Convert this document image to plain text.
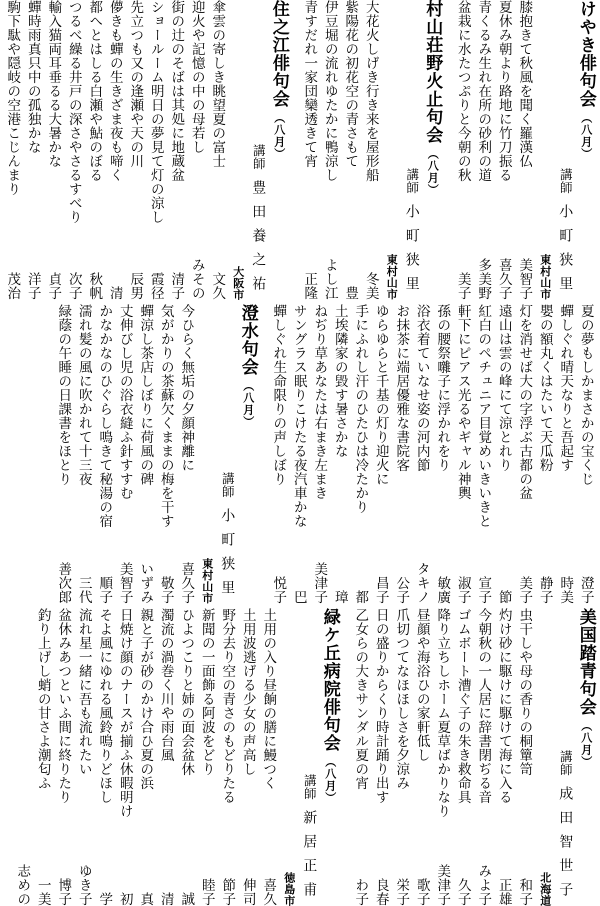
けやき俳句会
（八月）
講師
小町狭里
東村山市
膝抱きて秋風を聞く羅漢仏
美智子
夏休み朝より路地に竹刀振る
喜久子
青くるみ生れ在所の砂利の道
多美野
盆栽に水たつぷりと今朝の秋
美子
村山荘野火止句会
（八月）
講師
小町狭里
東村山市
大花火しげき行き来を屋形船
冬美
紫陽花の初花空の青さもて
豊
伊豆堀の流れゆたかに鴨涼し
よし江
青すだれ一家団欒透きて宵
正隆
住之江俳句会
（八月）
講師
豊田養之祐
大阪市
傘雲の寄しき眺望夏の富士
文久
迎火や記憶の中の母若し
みその
街の辻のそばは其処に地蔵盆
清子
ショールーム明日の夢見て灯の涼し
霞径
先立つも又の逢瀬や天の川
辰男
儚きも蟬の生きざま夜も啼く
清
都へとはしる白瀬や鮎のぼる
秋帆
つるべ繰る井戸の深さやさるすべり
次子
輸入猫両耳垂るる大暑かな
貞子
蟬時雨真只中の孤独かな
洋子
駒下駄や隠岐の空港こじんまり
茂治
夏の夢もしかまさかの宝くじ
澄子
蟬しぐれ晴天なりと吾起す
時美
嬰の額丸くはたいて天瓜粉
静子
灯を消せば大の字浮ぶ古都の盆
美子
遠山は雲の峰にて涼とれり
節
紅白のペチュニア目覚めいきいきと
宣子
軒下にピアス光るやギャル神輿
淑子
孫の腰祭囃子に浮かれをり
敏廣
浴衣着ていなせ姿の河内節
タキノ
お抹茶に端居優雅な書院客
公子
ゆらゆらと千基の灯り迎火に
昌子
手にふれし汗のひたひは冷たかり
都
土埃隣家の毀す暑さかな
璋
ねぢり草あなたは右まき左まき
美津子
サングラス眠りこけたる夜汽車かな
巴
蟬しぐれ生命限りの声しぼり
悦子
澄水句会
（八月）
講師
小町狭里
東村山市
今ひらく無垢の夕顔神離に
喜久子
気がかりの茶蘇欠くままの梅を干す
敬子
蟬涼し茶店しぼりに荷風の碑
いずみ
丈伸びし児の浴衣縫ふ針すすむ
美智子
かなかなのひぐらし鳴きて秘湯の宿
順子
濡れ髪の風に吹かれて十三夜
三代
緑蔭の午睡の日課書をほとり
善次郎
美国踏青句会
（八月）
講師
成田智世子
北海道
虫干しや母の香りの桐簞笥
和子
灼け砂に駆けに駆けて海に入る
正雄
今朝秋の一人居に辞書閉ぢる音
みよ子
ゴムボート漕ぐ子の朱き救命具
久子
降り立ちしホーム夏草ばかりなり
美津子
昼顔や海浴ひの家軒低し
歌子
爪切つてなほほしさを夕涼み
栄子
日の盛りからくり時計踊り出す
良春
乙女らの大きサンダル夏の宵
わ子
緑ケ丘病院俳句会
（八月）
講師
新居正甫
徳島市
土用の入り昼餉の膳に鰻つく
喜久
土用波逃げる少女の声高し
伸司
野分去り空の青さのもどりたる
節子
新聞の一面飾る阿波をどり
睦子
ひよつこりと姉の面会盆休
誠
濁流の渦巻く川や雨台風
清
親と子が砂のかけ合ひ夏の浜
真
日焼け顔のナースが揃ふ休暇明け
初
そよ風にゆれる風鈴鳴りどほし
学
流れ星一緒に吾も流れたい
ゆき子
盆休みあつといふ間に終りたり
博子
釣り上げし蛸の甘さよ潮匂ふ
一美
志めの
